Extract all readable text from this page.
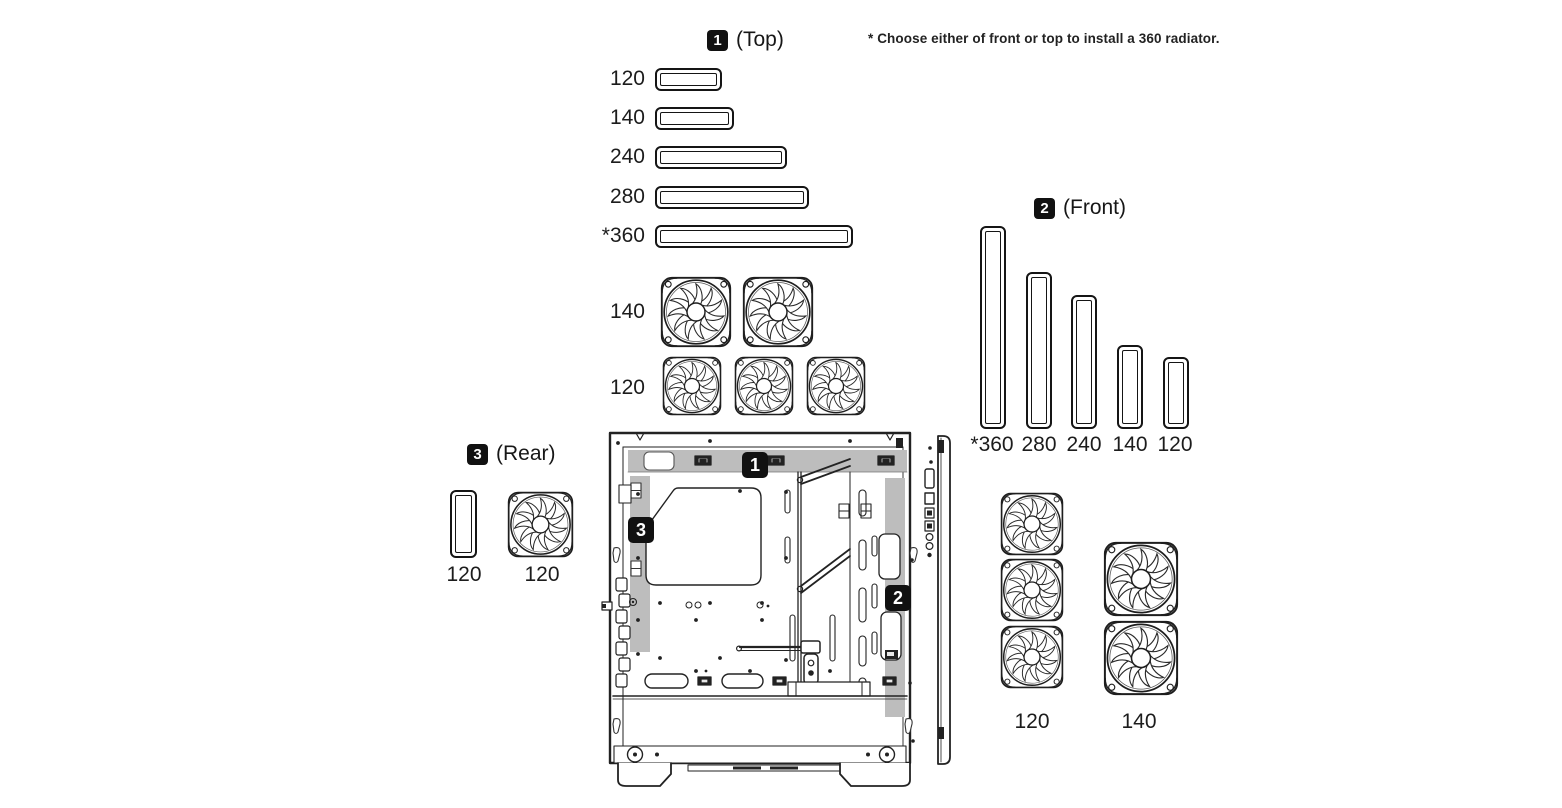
* Choose either of front or top to install a 360 radiator.
1 (Top)
120
140
240
280
*360
140
120
2 (Front)
*360 280 240 140 120
120	140
3 (Rear)
120	120
1
3
2
